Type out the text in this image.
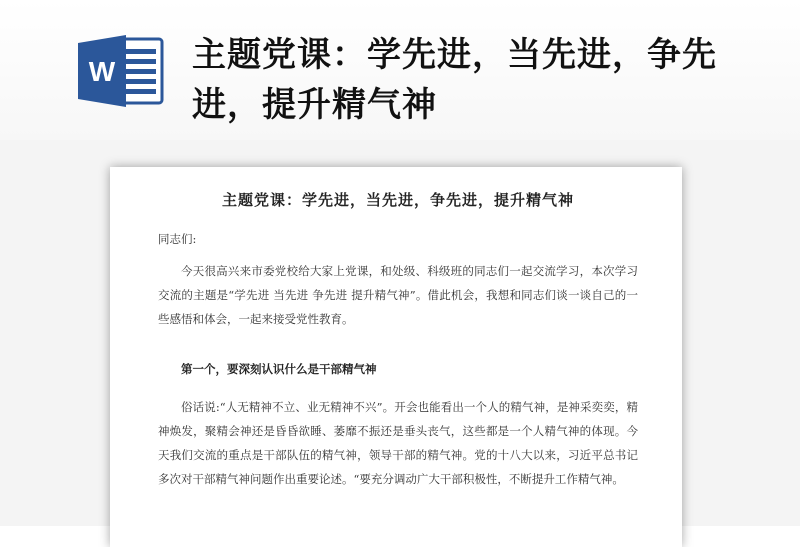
W 主题党课：学先进，当先进，争先进，提升精气神

主题党课：学先进，当先进，争先进，提升精气神

同志们:

今天很高兴来市委党校给大家上党课，和处级、科级班的同志们一起交流学习，本次学习交流的主题是“学先进 当先进 争先进 提升精气神”。借此机会，我想和同志们谈一谈自己的一些感悟和体会，一起来接受党性教育。

第一个，要深刻认识什么是干部精气神

俗话说:“人无精神不立、业无精神不兴”。开会也能看出一个人的精气神，是神采奕奕，精神焕发，聚精会神还是昏昏欲睡、萎靡不振还是垂头丧气，这些都是一个人精气神的体现。今天我们交流的重点是干部队伍的精气神，领导干部的精气神。党的十八大以来，习近平总书记多次对干部精气神问题作出重要论述。“要充分调动广大干部积极性，不断提升工作精气神。
